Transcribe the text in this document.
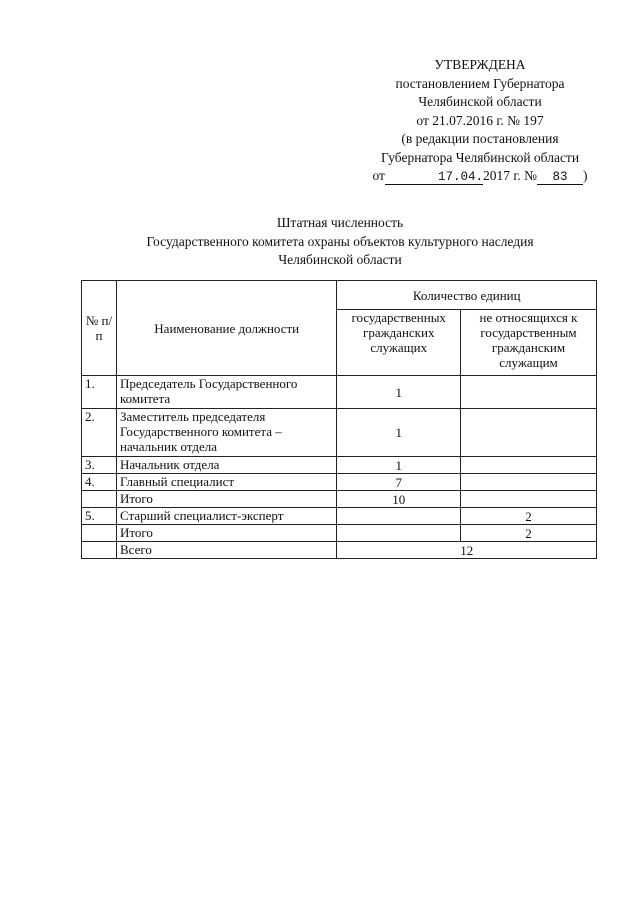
УТВЕРЖДЕНА
постановлением Губернатора
Челябинской области
от 21.07.2016 г. № 197
(в редакции постановления
Губернатора Челябинской области
от	17.04.2017 г. № 83 )
Штатная численность
Государственного комитета охраны объектов культурного наследия
Челябинской области
№ п/п	Наименование должности	Количество единиц	
		государственных гражданских служащих	не относящихся к государственным гражданским служащим
1.	Председатель Государственного комитета	1	
2.	Заместитель председателя Государственного комитета – начальник отдела	1	
3.	Начальник отдела	1	
4.	Главный специалист	7	
	Итого	10	
5.	Старший специалист-эксперт		2
	Итого		2
	Всего	12	
